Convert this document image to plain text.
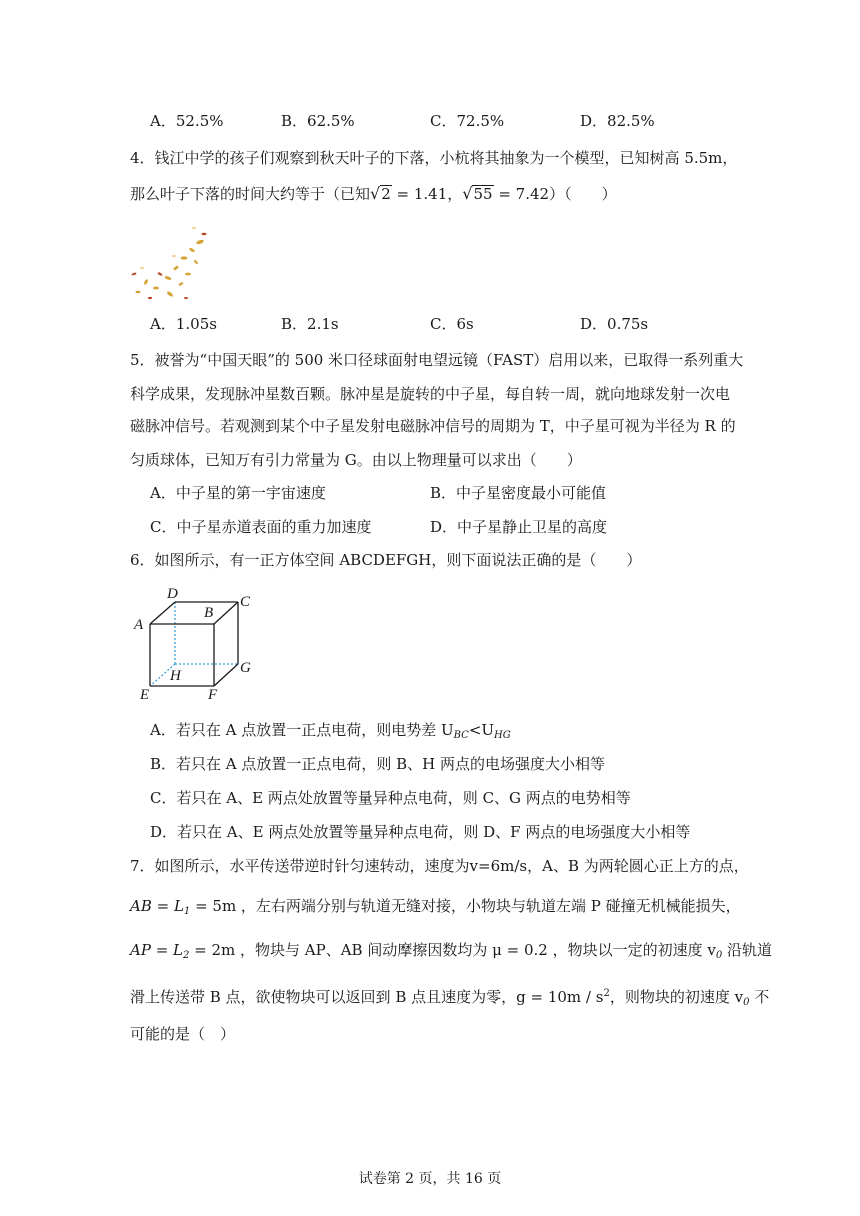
A．52.5%	B．62.5%	C．72.5%	D．82.5%
4．钱江中学的孩子们观察到秋天叶子的下落，小杭将其抽象为一个模型，已知树高 5.5m，
那么叶子下落的时间大约等于（已知√2 = 1.41，√55 = 7.42）（　　）
A．1.05s	B．2.1s	C．6s	D．0.75s
5．被誉为“中国天眼”的 500 米口径球面射电望远镜（FAST）启用以来，已取得一系列重大
科学成果，发现脉冲星数百颗。脉冲星是旋转的中子星，每自转一周，就向地球发射一次电
磁脉冲信号。若观测到某个中子星发射电磁脉冲信号的周期为 T，中子星可视为半径为 R 的
匀质球体，已知万有引力常量为 G。由以上物理量可以求出（　　）
A．中子星的第一宇宙速度	B．中子星密度最小可能值
C．中子星赤道表面的重力加速度	D．中子星静止卫星的高度
6．如图所示，有一正方体空间 ABCDEFGH，则下面说法正确的是（　　）
D
B
C
A
G
H
E	F
A．若只在 A 点放置一正点电荷，则电势差 $U_{BC}<U_{HG}$
B．若只在 A 点放置一正点电荷，则 B、H 两点的电场强度大小相等
C．若只在 A、E 两点处放置等量异种点电荷，则 C、G 两点的电势相等
D．若只在 A、E 两点处放置等量异种点电荷，则 D、F 两点的电场强度大小相等
7．如图所示，水平传送带逆时针匀速转动，速度为v=6m/s，A、B 为两轮圆心正上方的点，
AB = $L_1 = 5m$ ，左右两端分别与轨道无缝对接，小物块与轨道左端 P 碰撞无机械能损失，
AP = $L_2 = 2m$ ，物块与 AP、AB 间动摩擦因数均为 μ = 0.2 ，物块以一定的初速度 $v_0$ 沿轨道
滑上传送带 B 点，欲使物块可以返回到 B 点且速度为零，$g = 10m / s^2$，则物块的初速度 $v_0$ 不
可能的是（　）
试卷第 2 页，共 16 页
